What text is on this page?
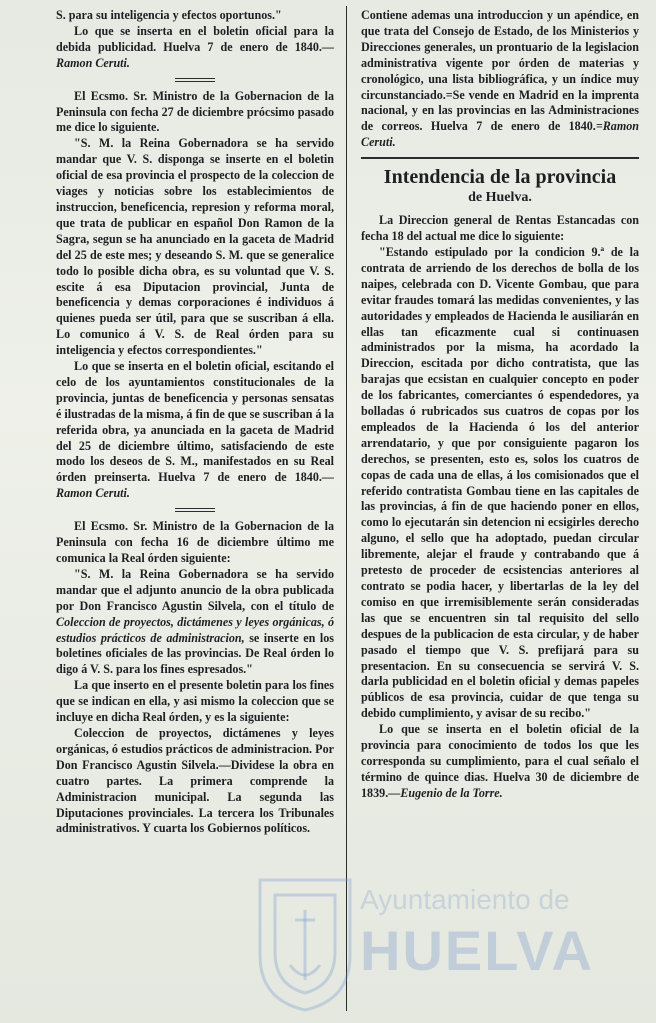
S. para su inteligencia y efectos oportunos."

Lo que se inserta en el boletin oficial para la debida publicidad. Huelva 7 de enero de 1840.—Ramon Ceruti.

El Ecsmo. Sr. Ministro de la Gobernacion de la Peninsula con fecha 27 de diciembre prócsimo pasado me dice lo siguiente.

"S. M. la Reina Gobernadora se ha servido mandar que V. S. disponga se inserte en el boletin oficial de esa provincia el prospecto de la coleccion de viages y noticias sobre los establecimientos de instruccion, beneficencia, represion y reforma moral, que trata de publicar en español Don Ramon de la Sagra, segun se ha anunciado en la gaceta de Madrid del 25 de este mes; y deseando S. M. que se generalice todo lo posible dicha obra, es su voluntad que V. S. escite á esa Diputacion provincial, Junta de beneficencia y demas corporaciones é individuos á quienes pueda ser útil, para que se suscriban á ella. Lo comunico á V. S. de Real órden para su inteligencia y efectos correspondientes."

Lo que se inserta en el boletin oficial, escitando el celo de los ayuntamientos constitucionales de la provincia, juntas de beneficencia y personas sensatas é ilustradas de la misma, á fin de que se suscriban á la referida obra, ya anunciada en la gaceta de Madrid del 25 de diciembre último, satisfaciendo de este modo los deseos de S. M., manifestados en su Real órden preinserta. Huelva 7 de enero de 1840.—Ramon Ceruti.

El Ecsmo. Sr. Ministro de la Gobernacion de la Peninsula con fecha 16 de diciembre último me comunica la Real órden siguiente:

"S. M. la Reina Gobernadora se ha servido mandar que el adjunto anuncio de la obra publicada por Don Francisco Agustin Silvela, con el título de Coleccion de proyectos, dictámenes y leyes orgánicas, ó estudios prácticos de administracion, se inserte en los boletines oficiales de las provincias. De Real órden lo digo á V. S. para los fines espresados."

La que inserto en el presente boletin para los fines que se indican en ella, y asi mismo la coleccion que se incluye en dicha Real órden, y es la siguiente:

Coleccion de proyectos, dictámenes y leyes orgánicas, ó estudios prácticos de administracion. Por Don Francisco Agustin Silvela.—Dividese la obra en cuatro partes. La primera comprende la Administracion municipal. La segunda las Diputaciones provinciales. La tercera los Tribunales administrativos. Y cuarta los Gobiernos políticos.

Contiene ademas una introduccion y un apéndice, en que trata del Consejo de Estado, de los Ministerios y Direcciones generales, un prontuario de la legislacion administrativa vigente por órden de materias y cronológico, una lista bibliográfica, y un índice muy circunstanciado.=Se vende en Madrid en la imprenta nacional, y en las provincias en las Administraciones de correos. Huelva 7 de enero de 1840.=Ramon Ceruti.

Intendencia de la provincia
de Huelva.

La Direccion general de Rentas Estancadas con fecha 18 del actual me dice lo siguiente:

"Estando estipulado por la condicion 9.ª de la contrata de arriendo de los derechos de bolla de los naipes, celebrada con D. Vicente Gombau, que para evitar fraudes tomará las medidas convenientes, y las autoridades y empleados de Hacienda le ausiliarán en ellas tan eficazmente cual si continuasen administrados por la misma, ha acordado la Direccion, escitada por dicho contratista, que las barajas que ecsistan en cualquier concepto en poder de los fabricantes, comerciantes ó espendedores, ya bolladas ó rubricados sus cuatros de copas por los empleados de la Hacienda ó los del anterior arrendatario, y que por consiguiente pagaron los derechos, se presenten, esto es, solos los cuatros de copas de cada una de ellas, á los comisionados que el referido contratista Gombau tiene en las capitales de las provincias, á fin de que haciendo poner en ellos, como lo ejecutarán sin detencion ni ecsigirles derecho alguno, el sello que ha adoptado, puedan circular libremente, alejar el fraude y contrabando que á pretesto de proceder de ecsistencias anteriores al contrato se podia hacer, y libertarlas de la ley del comiso en que irremisiblemente serán consideradas las que se encuentren sin tal requisito del sello despues de la publicacion de esta circular, y de haber pasado el tiempo que V. S. prefijará para su presentacion. En su consecuencia se servirá V. S. darla publicidad en el boletin oficial y demas papeles públicos de esa provincia, cuidar de que tenga su debido cumplimiento, y avisar de su recibo."

Lo que se inserta en el boletin oficial de la provincia para conocimiento de todos los que les corresponda su cumplimiento, para el cual señalo el término de quince dias. Huelva 30 de diciembre de 1839.—Eugenio de la Torre.

Ayuntamiento de
HUELVA
